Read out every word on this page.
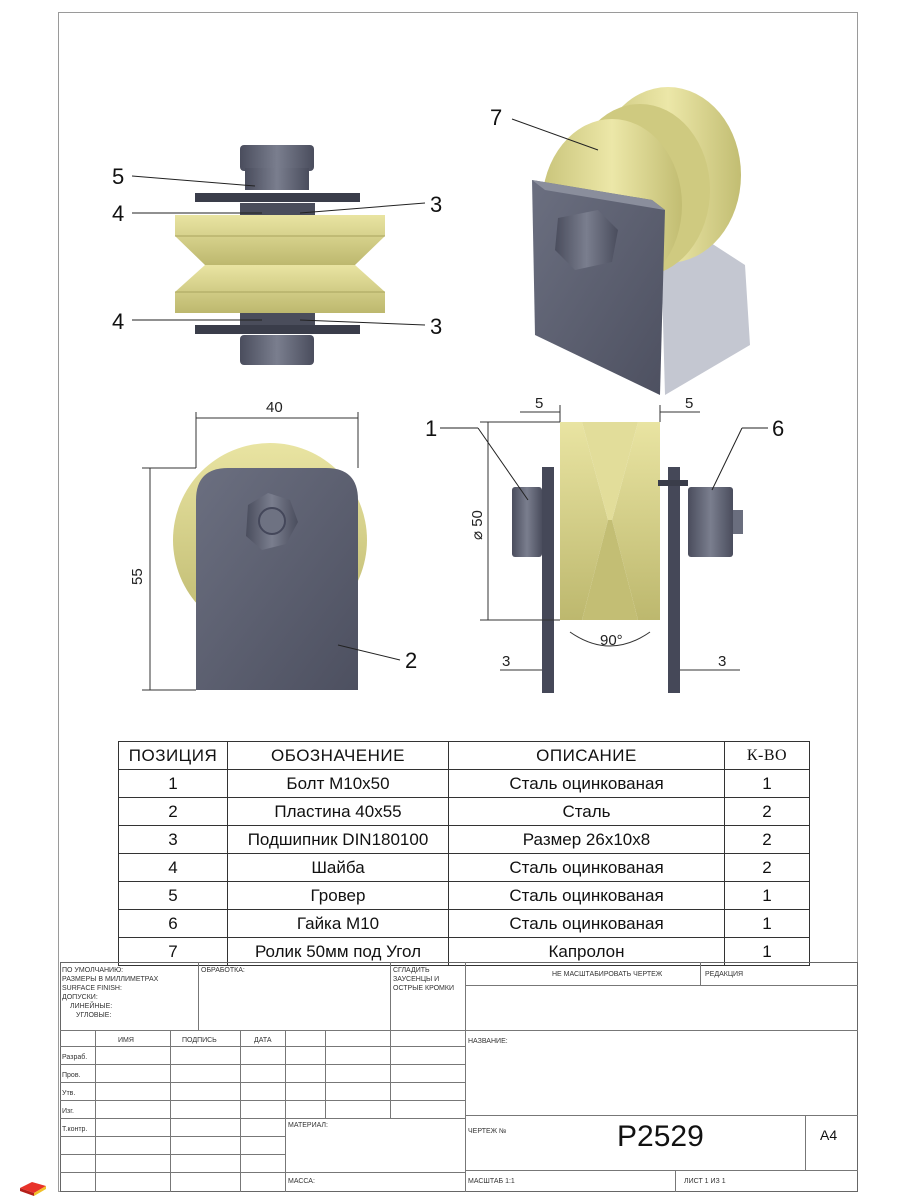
5
4	3
4	3
7
40
55
2
5	5
⌀ 50
90°
3	3
1	6
ПОЗИЦИЯ	ОБОЗНАЧЕНИЕ	ОПИСАНИЕ	К-ВО
1	Болт М10x50	Сталь оцинкованая	1
2	Пластина 40x55	Сталь	2
3	Подшипник DIN180100	Размер 26x10x8	2
4	Шайба	Сталь оцинкованая	2
5	Гровер	Сталь оцинкованая	1
6	Гайка М10	Сталь оцинкованая	1
7	Ролик 50мм под Угол	Капролон	1
ПО УМОЛЧАНИЮ:
РАЗМЕРЫ В МИЛЛИМЕТРАХ
SURFACE FINISH:
ДОПУСКИ:
ЛИНЕЙНЫЕ:
УГЛОВЫЕ:
ОБРАБОТКА:	СГЛАДИТЬ
ЗАУСЕНЦЫ И
ОСТРЫЕ КРОМКИ
НЕ МАСШТАБИРОВАТЬ ЧЕРТЕЖ	РЕДАКЦИЯ
ИМЯ	ПОДПИСЬ	ДАТА
Разраб.
Пров.
Утв.
Изг.
Т.контр.
НАЗВАНИЕ:
МАТЕРИАЛ:
ЧЕРТЕЖ №	P2529	A4
МАССА:	МАСШТАБ 1:1	ЛИСТ 1 ИЗ 1
